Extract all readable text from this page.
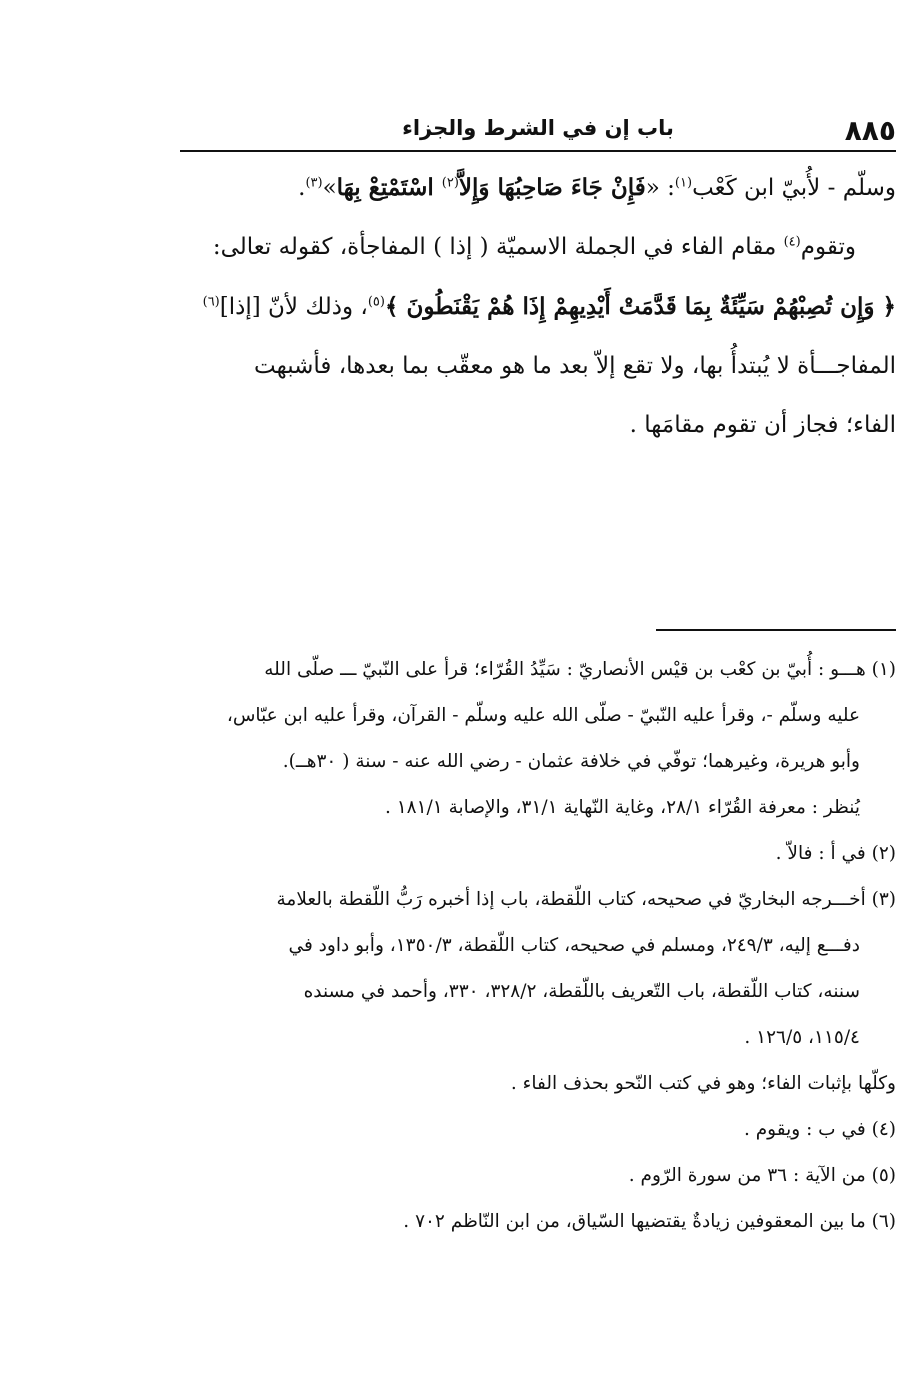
٨٨٥
باب إن في الشرط والجزاء

وسلّم - لأُبيّ ابن كَعْب$^{(١)}$: «فَإِنْ جَاءَ صَاحِبُهَا وَإِلاَّ$^{(٢)}$ اسْتَمْتِعْ بِهَا»$^{(٣)}$.

وتقوم$^{(٤)}$ مقام الفاء في الجملة الاسميّة ( إذا ) المفاجأة، كقوله تعالى:

﴿ وَإِن تُصِبْهُمْ سَيِّئَةٌ بِمَا قَدَّمَتْ أَيْدِيهِمْ إِذَا هُمْ يَقْنَطُونَ ﴾$^{(٥)}$، وذلك لأنّ [إذا]$^{(٦)}$

المفاجـــأة لا يُبتدأُ بها، ولا تقع إلاّ بعد ما هو معقّب بما بعدها، فأشبهت

الفاء؛ فجاز أن تقوم مقامَها .

(١) هـــو : أُبيّ بن كعْب بن قيْس الأنصاريّ : سَيِّدُ القُرّاء؛ قرأ على النّبيّ ـــ صلّى الله
عليه وسلّم -، وقرأ عليه النّبيّ - صلّى الله عليه وسلّم - القرآن، وقرأ عليه ابن عبّاس،
وأبو هريرة، وغيرهما؛ توفّي في خلافة عثمان - رضي الله عنه - سنة ( ٣٠هــ).
يُنظر : معرفة القُرّاء ٢٨/١، وغاية النّهاية ٣١/١، والإصابة ١٨١/١ .
(٢) في أ : فالاّ .
(٣) أخـــرجه البخاريّ في صحيحه، كتاب اللّقطة، باب إذا أخبره رَبُّ اللّقطة بالعلامة
دفـــع إليه، ٢٤٩/٣، ومسلم في صحيحه، كتاب اللّقطة، ١٣٥٠/٣، وأبو داود في
سننه، كتاب اللّقطة، باب التّعريف باللّقطة، ٣٢٨/٢، ٣٣٠، وأحمد في مسنده
١١٥/٤، ١٢٦/٥ .
وكلّها بإثبات الفاء؛ وهو في كتب النّحو بحذف الفاء .
(٤) في ب : ويقوم .
(٥) من الآية : ٣٦ من سورة الرّوم .
(٦) ما بين المعقوفين زيادةٌ يقتضيها السّياق، من ابن النّاظم ٧٠٢ .
